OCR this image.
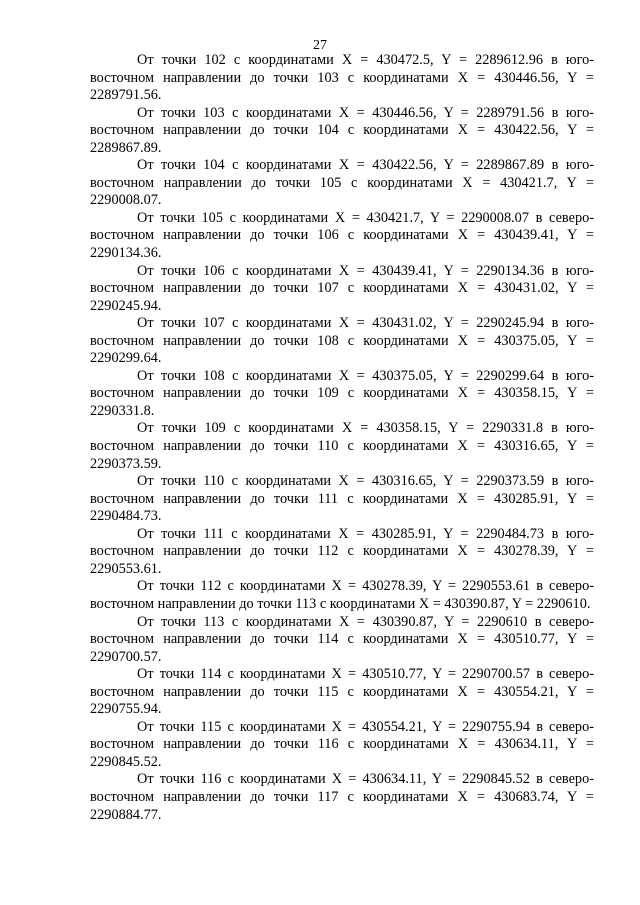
27

От точки 102 с координатами X = 430472.5, Y = 2289612.96 в юго-восточном направлении до точки 103 с координатами X = 430446.56, Y = 2289791.56.

От точки 103 с координатами X = 430446.56, Y = 2289791.56 в юго-восточном направлении до точки 104 с координатами X = 430422.56, Y = 2289867.89.

От точки 104 с координатами X = 430422.56, Y = 2289867.89 в юго-восточном направлении до точки 105 с координатами X = 430421.7, Y = 2290008.07.

От точки 105 с координатами X = 430421.7, Y = 2290008.07 в северо-восточном направлении до точки 106 с координатами X = 430439.41, Y = 2290134.36.

От точки 106 с координатами X = 430439.41, Y = 2290134.36 в юго-восточном направлении до точки 107 с координатами X = 430431.02, Y = 2290245.94.

От точки 107 с координатами X = 430431.02, Y = 2290245.94 в юго-восточном направлении до точки 108 с координатами X = 430375.05, Y = 2290299.64.

От точки 108 с координатами X = 430375.05, Y = 2290299.64 в юго-восточном направлении до точки 109 с координатами X = 430358.15, Y = 2290331.8.

От точки 109 с координатами X = 430358.15, Y = 2290331.8 в юго-восточном направлении до точки 110 с координатами X = 430316.65, Y = 2290373.59.

От точки 110 с координатами X = 430316.65, Y = 2290373.59 в юго-восточном направлении до точки 111 с координатами X = 430285.91, Y = 2290484.73.

От точки 111 с координатами X = 430285.91, Y = 2290484.73 в юго-восточном направлении до точки 112 с координатами X = 430278.39, Y = 2290553.61.

От точки 112 с координатами X = 430278.39, Y = 2290553.61 в северо-восточном направлении до точки 113 с координатами X = 430390.87, Y = 2290610.

От точки 113 с координатами X = 430390.87, Y = 2290610 в северо-восточном направлении до точки 114 с координатами X = 430510.77, Y = 2290700.57.

От точки 114 с координатами X = 430510.77, Y = 2290700.57 в северо-восточном направлении до точки 115 с координатами X = 430554.21, Y = 2290755.94.

От точки 115 с координатами X = 430554.21, Y = 2290755.94 в северо-восточном направлении до точки 116 с координатами X = 430634.11, Y = 2290845.52.

От точки 116 с координатами X = 430634.11, Y = 2290845.52 в северо-восточном направлении до точки 117 с координатами X = 430683.74, Y = 2290884.77.
